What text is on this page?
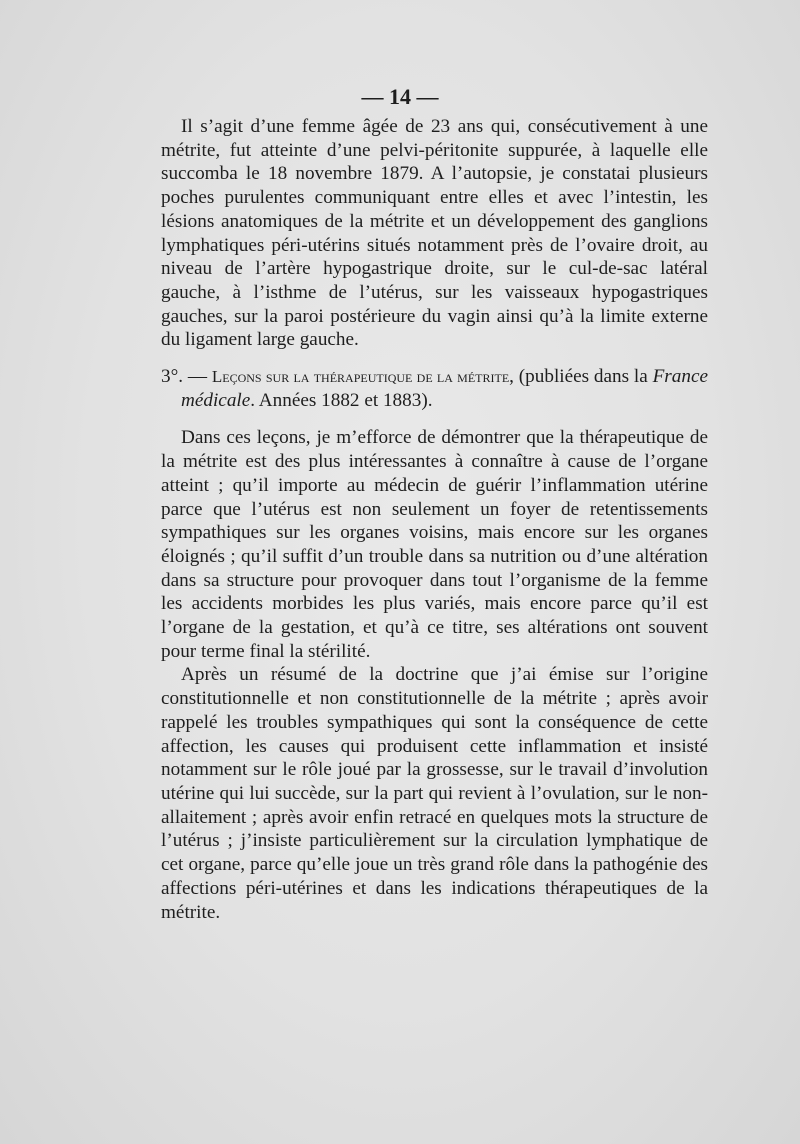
— 14 —

Il s’agit d’une femme âgée de 23 ans qui, consécutivement à une métrite, fut atteinte d’une pelvi-péritonite suppurée, à laquelle elle succomba le 18 novembre 1879. A l’autopsie, je constatai plusieurs poches purulentes communiquant entre elles et avec l’intestin, les lésions anatomiques de la métrite et un développement des ganglions lymphatiques péri-utérins situés notamment près de l’ovaire droit, au niveau de l’artère hypogastrique droite, sur le cul-de-sac latéral gauche, à l’isthme de l’utérus, sur les vaisseaux hypogastriques gauches, sur la paroi postérieure du vagin ainsi qu’à la limite externe du ligament large gauche.

3°. — Leçons sur la thérapeutique de la métrite, (publiées dans la France médicale. Années 1882 et 1883).

Dans ces leçons, je m’efforce de démontrer que la thérapeutique de la métrite est des plus intéressantes à connaître à cause de l’organe atteint ; qu’il importe au médecin de guérir l’inflammation utérine parce que l’utérus est non seulement un foyer de retentissements sympathiques sur les organes voisins, mais encore sur les organes éloignés ; qu’il suffit d’un trouble dans sa nutrition ou d’une altération dans sa structure pour provoquer dans tout l’organisme de la femme les accidents morbides les plus variés, mais encore parce qu’il est l’organe de la gestation, et qu’à ce titre, ses altérations ont souvent pour terme final la stérilité.

Après un résumé de la doctrine que j’ai émise sur l’origine constitutionnelle et non constitutionnelle de la métrite ; après avoir rappelé les troubles sympathiques qui sont la conséquence de cette affection, les causes qui produisent cette inflammation et insisté notamment sur le rôle joué par la grossesse, sur le travail d’involution utérine qui lui succède, sur la part qui revient à l’ovulation, sur le non-allaitement ; après avoir enfin retracé en quelques mots la structure de l’utérus ; j’insiste particulièrement sur la circulation lymphatique de cet organe, parce qu’elle joue un très grand rôle dans la pathogénie des affections péri-utérines et dans les indications thérapeutiques de la métrite.
